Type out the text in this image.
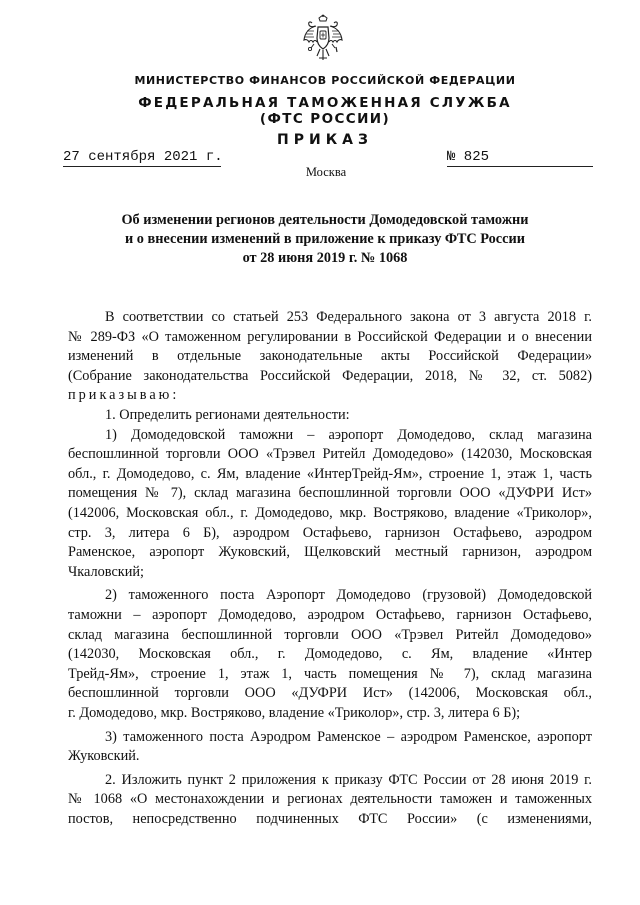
МИНИСТЕРСТВО ФИНАНСОВ РОССИЙСКОЙ ФЕДЕРАЦИИ
ФЕДЕРАЛЬНАЯ ТАМОЖЕННАЯ СЛУЖБА
(ФТС РОССИИ)
ПРИКАЗ
27 сентября 2021 г.	№ 825
Москва
Об изменении регионов деятельности Домодедовской таможни
и о внесении изменений в приложение к приказу ФТС России
от 28 июня 2019 г. № 1068
В соответствии со статьей 253 Федерального закона от 3 августа 2018 г.
№ 289-ФЗ «О таможенном регулировании в Российской Федерации и о внесении
изменений в отдельные законодательные акты Российской Федерации»
(Собрание законодательства Российской Федерации, 2018, № 32, ст. 5082)
приказываю:
1. Определить регионами деятельности:
1) Домодедовской таможни – аэропорт Домодедово, склад магазина
беспошлинной торговли ООО «Трэвел Ритейл Домодедово» (142030, Московская
обл., г. Домодедово, с. Ям, владение «ИнтерТрейд-Ям», строение 1, этаж 1, часть
помещения № 7), склад магазина беспошлинной торговли ООО «ДУФРИ Ист»
(142006, Московская обл., г. Домодедово, мкр. Востряково, владение «Триколор»,
стр. 3, литера 6 Б), аэродром Остафьево, гарнизон Остафьево, аэродром
Раменское, аэропорт Жуковский, Щелковский местный гарнизон, аэродром
Чкаловский;
2) таможенного поста Аэропорт Домодедово (грузовой) Домодедовской
таможни – аэропорт Домодедово, аэродром Остафьево, гарнизон Остафьево,
склад магазина беспошлинной торговли ООО «Трэвел Ритейл Домодедово»
(142030, Московская обл., г. Домодедово, с. Ям, владение «Интер
Трейд-Ям», строение 1, этаж 1, часть помещения № 7), склад магазина
беспошлинной торговли ООО «ДУФРИ Ист» (142006, Московская обл.,
г. Домодедово, мкр. Востряково, владение «Триколор», стр. 3, литера 6 Б);
3) таможенного поста Аэродром Раменское – аэродром Раменское, аэропорт
Жуковский.
2. Изложить пункт 2 приложения к приказу ФТС России от 28 июня 2019 г.
№ 1068 «О местонахождении и регионах деятельности таможен и таможенных
постов, непосредственно подчиненных ФТС России» (с изменениями,
